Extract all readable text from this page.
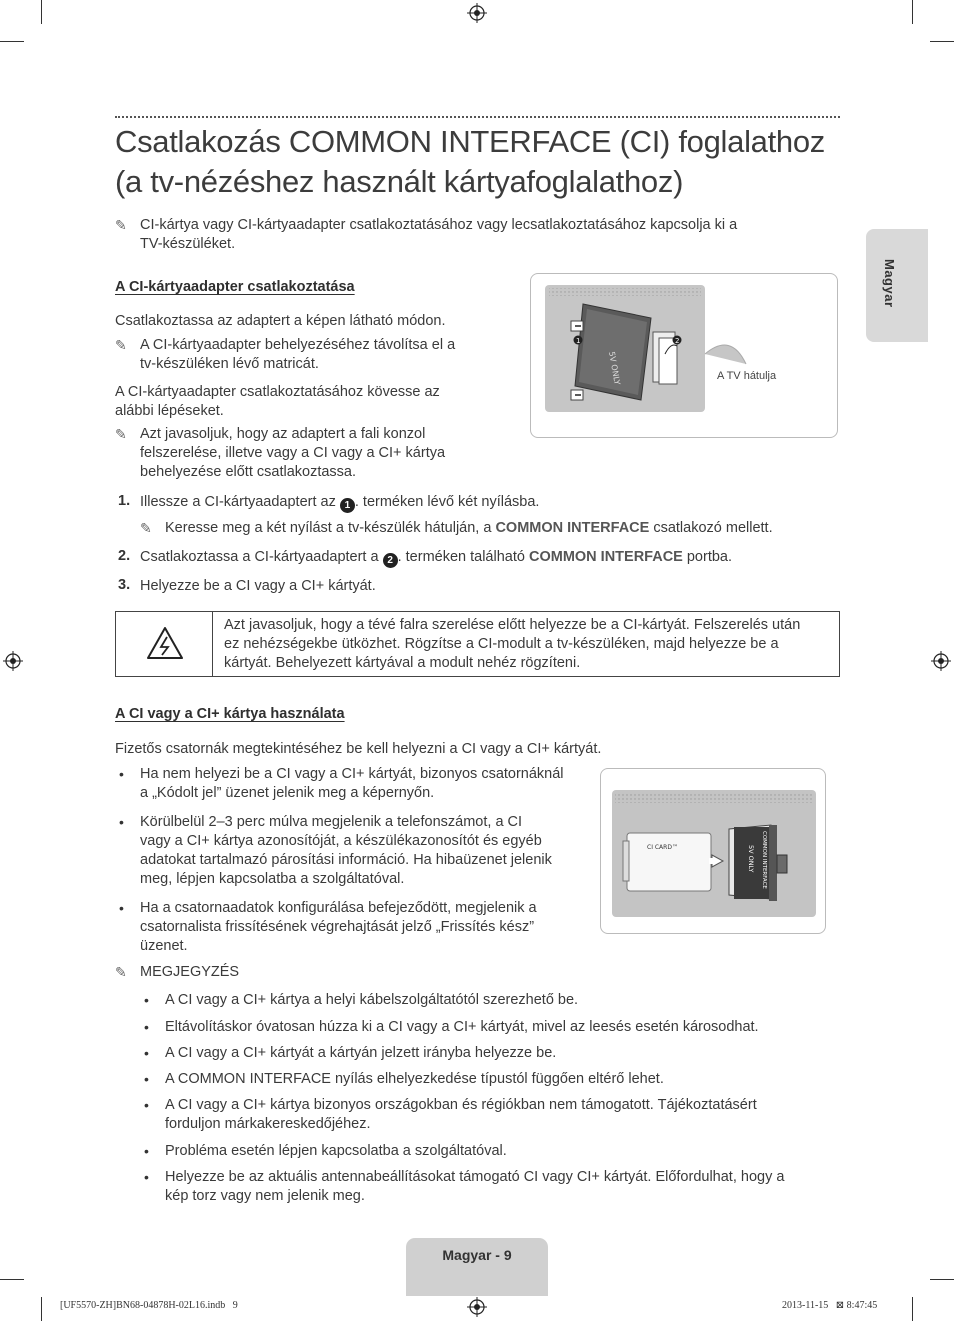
Csatlakozás COMMON INTERFACE (CI) foglalathoz
(a tv-nézéshez használt kártyafoglalathoz)
Magyar
✎ CI-kártya vagy CI-kártyaadapter csatlakoztatásához vagy lecsatlakoztatásához kapcsolja ki a
TV-készüléket.

A CI-kártyaadapter csatlakoztatása

Csatlakoztassa az adaptert a képen látható módon.

✎ A CI-kártyaadapter behelyezéséhez távolítsa el a
tv-készüléken lévő matricát.

A CI-kártyaadapter csatlakoztatásához kövesse az
alábbi lépéseket.

✎ Azt javasoljuk, hogy az adaptert a fali konzol
felszerelése, illetve vagy a CI vagy a CI+ kártya
behelyezése előtt csatlakoztassa.

5V ONLY
1	2
A TV hátulja
1. Illessze a CI-kártyaadaptert az 1 . terméken lévő két nyílásba.

✎ Keresse meg a két nyílást a tv-készülék hátulján, a COMMON INTERFACE csatlakozó mellett.

2. Csatlakoztassa a CI-kártyaadaptert a 2 . terméken található COMMON INTERFACE portba.

3. Helyezze be a CI vagy a CI+ kártyát.

Azt javasoljuk, hogy a tévé falra szerelése előtt helyezze be a CI-kártyát. Felszerelés után
ez nehézségekbe ütközhet. Rögzítse a CI-modult a tv-készüléken, majd helyezze be a
kártyát. Behelyezett kártyával a modult nehéz rögzíteni.

A CI vagy a CI+ kártya használata

Fizetős csatornák megtekintéséhez be kell helyezni a CI vagy a CI+ kártyát.

• Ha nem helyezi be a CI vagy a CI+ kártyát, bizonyos csatornáknál
a „Kódolt jel” üzenet jelenik meg a képernyőn.

• Körülbelül 2–3 perc múlva megjelenik a telefonszámot, a CI
vagy a CI+ kártya azonosítóját, a készülékazonosítót és egyéb
adatokat tartalmazó párosítási információ. Ha hibaüzenet jelenik
meg, lépjen kapcsolatba a szolgáltatóval.

• Ha a csatornaadatok konfigurálása befejeződött, megjelenik a
csatornalista frissítésének végrehajtását jelző „Frissítés kész”
üzenet.

CI CARD™	COMMON INTERFACE
5V ONLY
✎ MEGJEGYZÉS

• A CI vagy a CI+ kártya a helyi kábelszolgáltatótól szerezhető be.

• Eltávolításkor óvatosan húzza ki a CI vagy a CI+ kártyát, mivel az leesés esetén károsodhat.

• A CI vagy a CI+ kártyát a kártyán jelzett irányba helyezze be.

• A COMMON INTERFACE nyílás elhelyezkedése típustól függően eltérő lehet.

• A CI vagy a CI+ kártya bizonyos országokban és régiókban nem támogatott. Tájékoztatásért
forduljon márkakereskedőjéhez.

• Probléma esetén lépjen kapcsolatba a szolgáltatóval.

• Helyezze be az aktuális antennabeállításokat támogató CI vagy CI+ kártyát. Előfordulhat, hogy a
kép torz vagy nem jelenik meg.

Magyar - 9
[UF5570-ZH]BN68-04878H-02L16.indb   9	2013-11-15   ⊠ 8:47:45
